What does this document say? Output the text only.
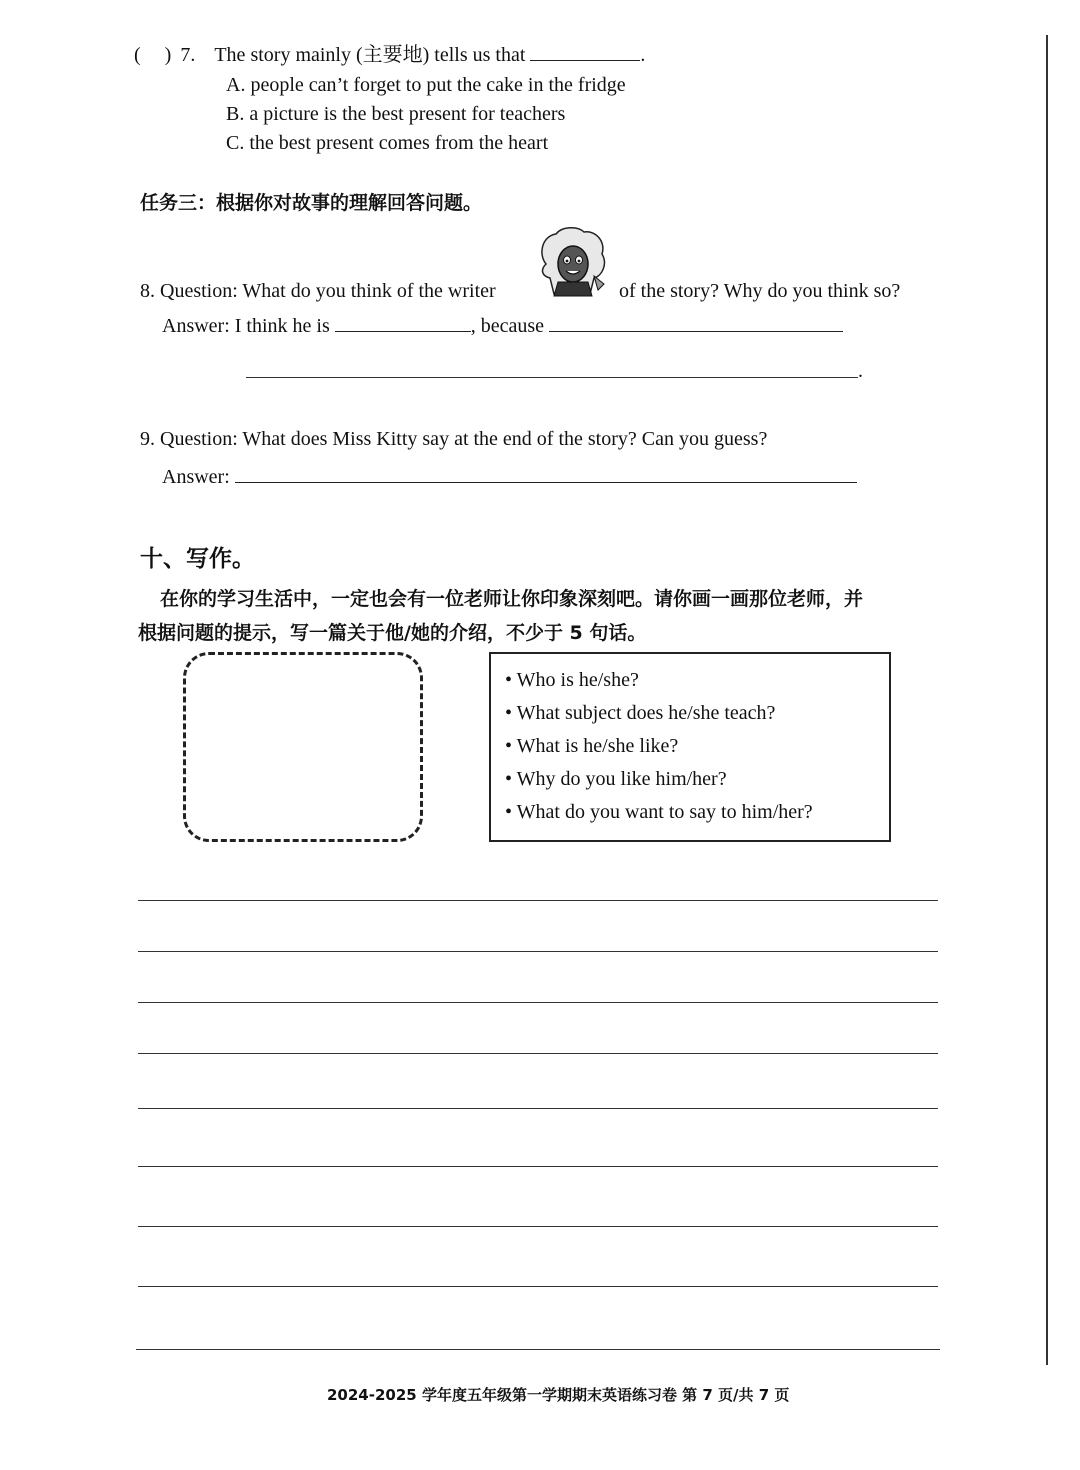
( ) 7. The story mainly (主要地) tells us that	.
A. people can’t forget to put the cake in the fridge
B. a picture is the best present for teachers
C. the best present comes from the heart
任务三：根据你对故事的理解回答问题。
8. Question: What do you think of the writer	of the story? Why do you think so?
Answer: I think he is	, because
.
9. Question: What does Miss Kitty say at the end of the story? Can you guess?
Answer:
十、写作。
在你的学习生活中，一定也会有一位老师让你印象深刻吧。请你画一画那位老师，并
根据问题的提示，写一篇关于他/她的介绍，不少于 5 句话。
• Who is he/she?
• What subject does he/she teach?
• What is he/she like?
• Why do you like him/her?
• What do you want to say to him/her?
2024-2025 学年度五年级第一学期期末英语练习卷 第 7 页/共 7 页
